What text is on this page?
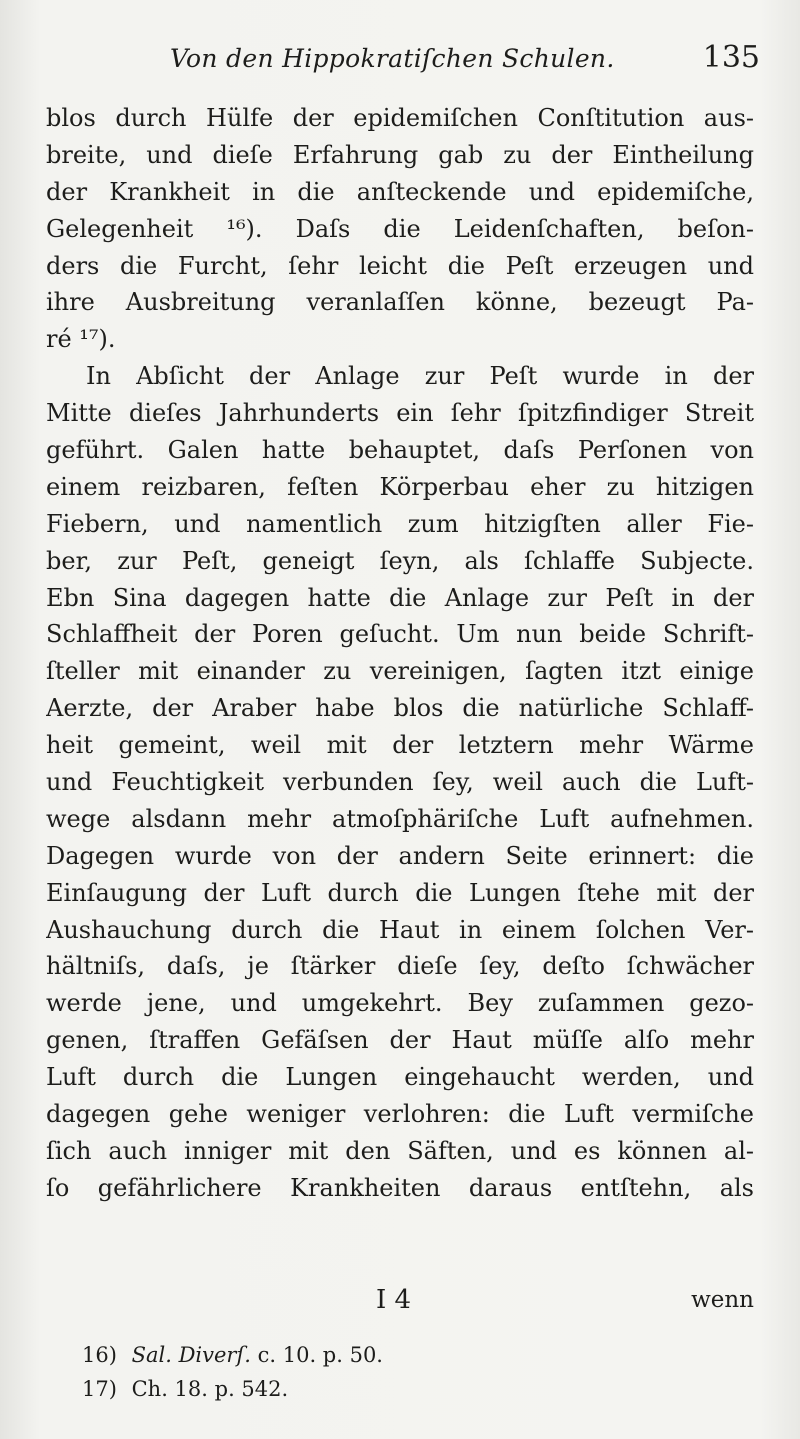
Von den Hippokratiſchen Schulen.	135
blos durch Hülfe der epidemiſchen Conſtitution aus-
breite, und dieſe Erfahrung gab zu der Eintheilung
der Krankheit in die anſteckende und epidemiſche,
Gelegenheit ¹⁶). Daſs die Leidenſchaften, beſon-
ders die Furcht, ſehr leicht die Peſt erzeugen und
ihre Ausbreitung veranlaſſen könne, bezeugt Pa-
ré ¹⁷).
In Abſicht der Anlage zur Peſt wurde in der
Mitte dieſes Jahrhunderts ein ſehr ſpitzfindiger Streit
geführt. Galen hatte behauptet, daſs Perſonen von
einem reizbaren, feſten Körperbau eher zu hitzigen
Fiebern, und namentlich zum hitzigſten aller Fie-
ber, zur Peſt, geneigt ſeyn, als ſchlaffe Subjecte.
Ebn Sina dagegen hatte die Anlage zur Peſt in der
Schlaffheit der Poren geſucht. Um nun beide Schrift-
ſteller mit einander zu vereinigen, ſagten itzt einige
Aerzte, der Araber habe blos die natürliche Schlaff-
heit gemeint, weil mit der letztern mehr Wärme
und Feuchtigkeit verbunden ſey, weil auch die Luft-
wege alsdann mehr atmoſphäriſche Luft aufnehmen.
Dagegen wurde von der andern Seite erinnert: die
Einſaugung der Luft durch die Lungen ſtehe mit der
Aushauchung durch die Haut in einem ſolchen Ver-
hältniſs, daſs, je ſtärker dieſe ſey, deſto ſchwächer
werde jene, und umgekehrt. Bey zuſammen gezo-
genen, ſtraffen Gefäſsen der Haut müſſe alſo mehr
Luft durch die Lungen eingehaucht werden, und
dagegen gehe weniger verlohren: die Luft vermiſche
ſich auch inniger mit den Säften, und es können al-
ſo gefährlichere Krankheiten daraus entſtehn, als
I 4	wenn
16) Sal. Diverſ. c. 10. p. 50.
17) Ch. 18. p. 542.
